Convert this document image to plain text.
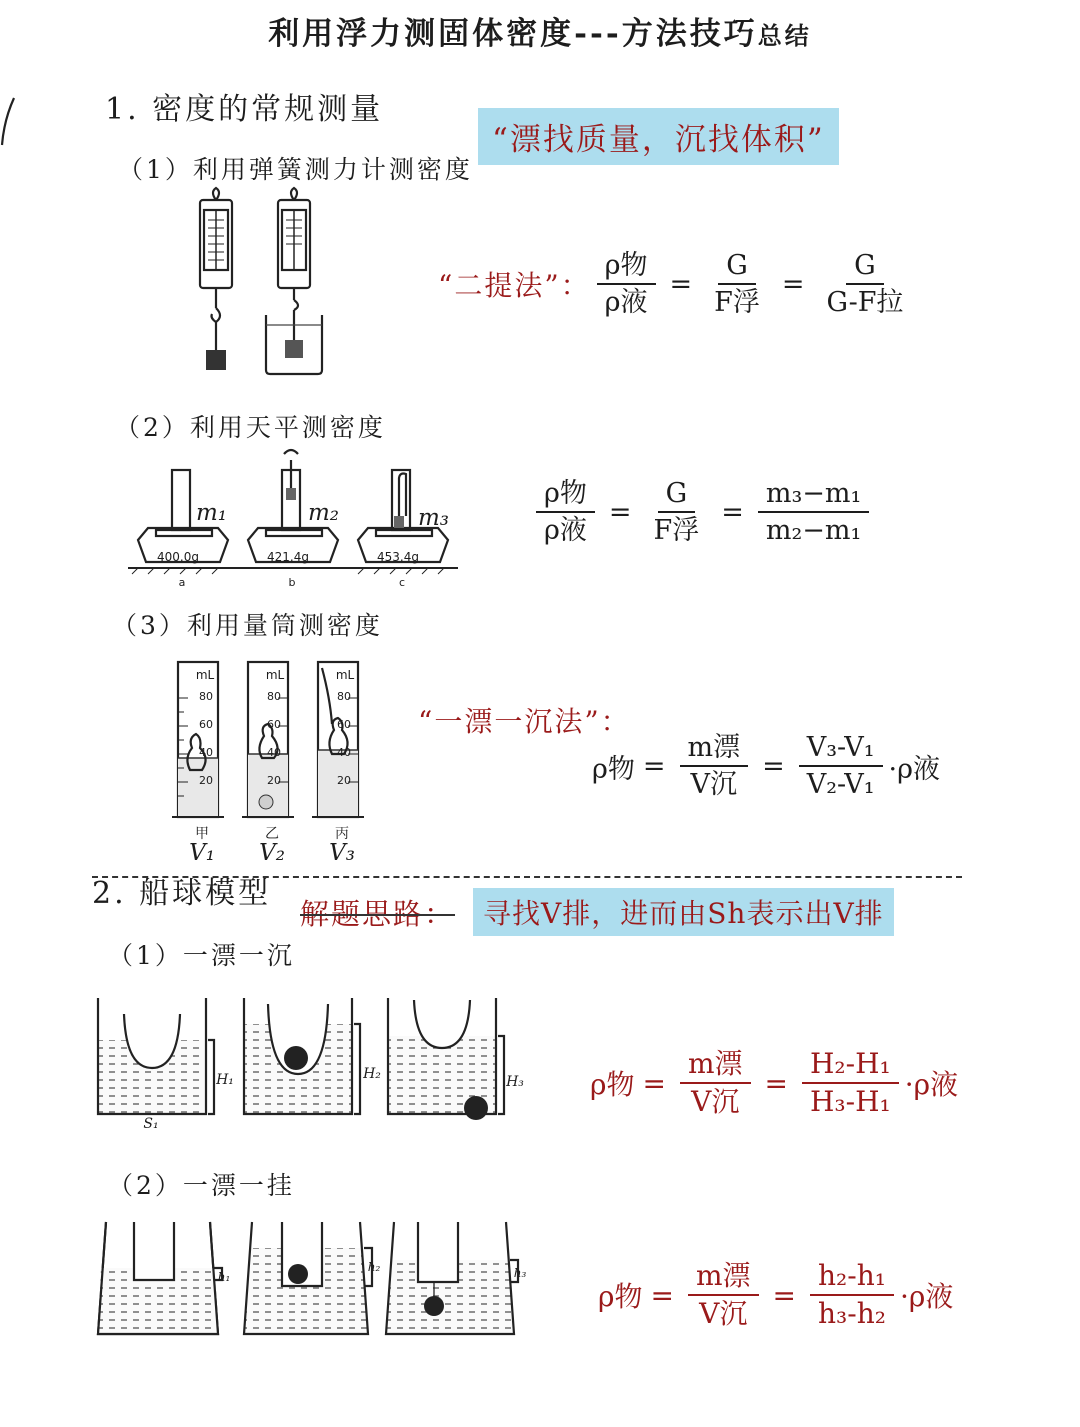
利用浮力测固体密度---方法技巧总结
1. 密度的常规测量
“漂找质量，沉找体积”
（1）利用弹簧测力计测密度
“二提法”： $\frac{\text{ρ物}}{\text{ρ液}} = \frac{G}{\text{F浮}} = \frac{G}{\text{G-F拉}}$
（2）利用天平测密度
400.0g	421.4g	453.4g
m₁	m₂	m₃
a	b	c
$\frac{\text{ρ物}}{\text{ρ液}} = \frac{G}{\text{F浮}} = \frac{\text{m₃−m₁}}{\text{m₂−m₁}}$
（3）利用量筒测密度
mL	mL	mL
80
60
40
20
80
60
40
20
80
60
40
20
甲	乙	丙
V₁ V₂ V₃
“一漂一沉法”：
ρ物 = $\frac{\text{m漂}}{\text{V沉}} = \frac{\text{V₃-V₁}}{\text{V₂-V₁}} \cdot\rho$液
2. 船球模型
解题思路：	寻找V排，进而由Sh表示出V排
（1）一漂一沉
H₁	H₂	H₃
S₁
ρ物 = $\frac{\text{m漂}}{\text{V沉}} = \frac{\text{H₂-H₁}}{\text{H₃-H₁}} \cdot\rho$液
（2）一漂一挂
h₁
h₂	h₃
ρ物 = $\frac{\text{m漂}}{\text{V沉}} = \frac{\text{h₂-h₁}}{\text{h₃-h₂}} \cdot\rho$液
